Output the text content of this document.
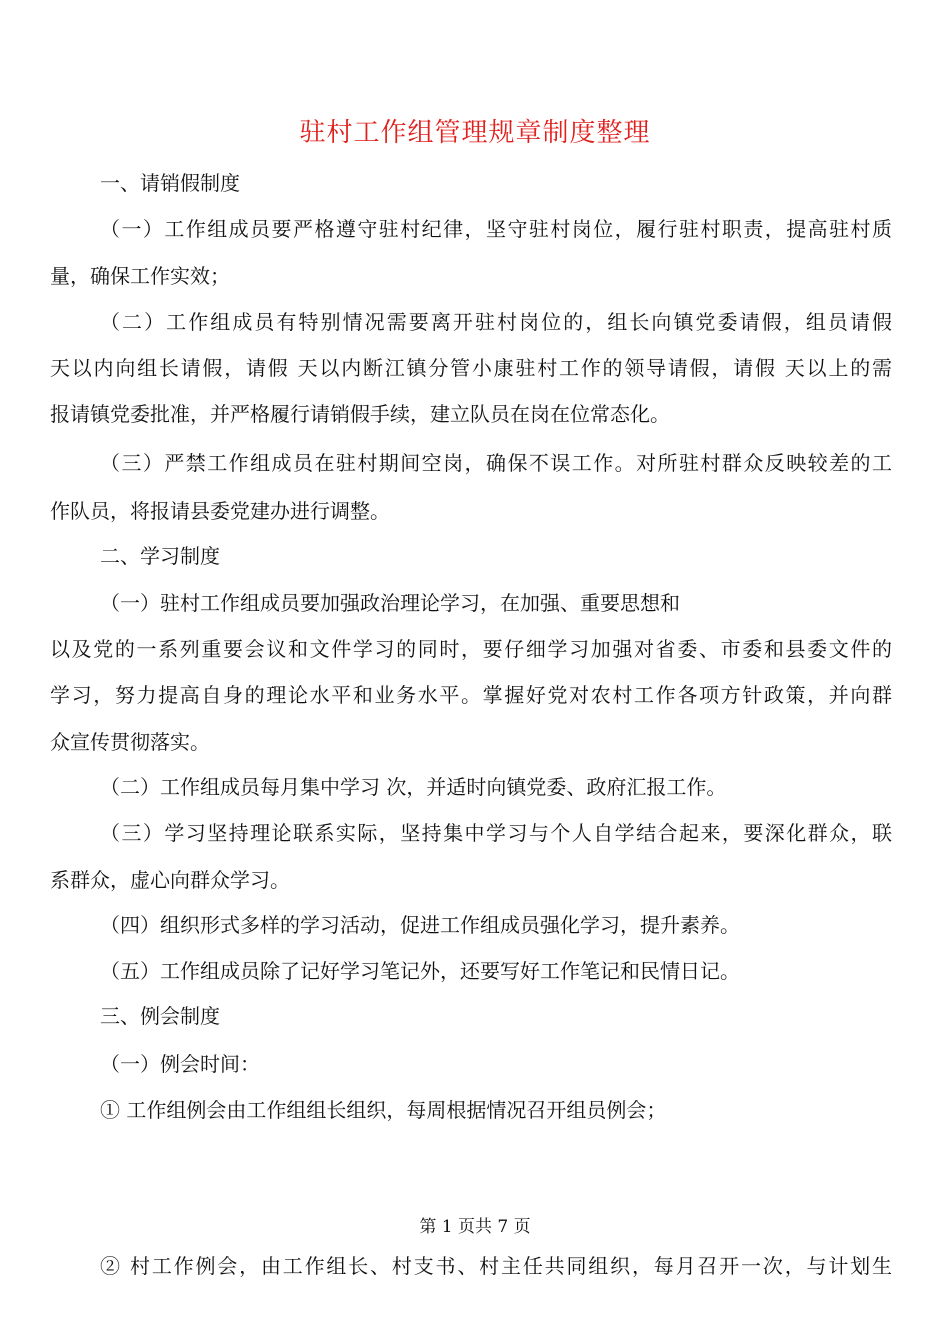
驻村工作组管理规章制度整理
一、请销假制度
（一）工作组成员要严格遵守驻村纪律，坚守驻村岗位，履行驻村职责，提高驻村质
量，确保工作实效；
（二）工作组成员有特别情况需要离开驻村岗位的，组长向镇党委请假，组员请假
天以内向组长请假，请假 天以内断江镇分管小康驻村工作的领导请假，请假 天以上的需
报请镇党委批准，并严格履行请销假手续，建立队员在岗在位常态化。
（三）严禁工作组成员在驻村期间空岗，确保不误工作。对所驻村群众反映较差的工
作队员，将报请县委党建办进行调整。
二、学习制度
（一）驻村工作组成员要加强政治理论学习，在加强、重要思想和
以及党的一系列重要会议和文件学习的同时，要仔细学习加强对省委、市委和县委文件的
学习，努力提高自身的理论水平和业务水平。掌握好党对农村工作各项方针政策，并向群
众宣传贯彻落实。
（二）工作组成员每月集中学习 次，并适时向镇党委、政府汇报工作。
（三）学习坚持理论联系实际，坚持集中学习与个人自学结合起来，要深化群众，联
系群众，虚心向群众学习。
（四）组织形式多样的学习活动，促进工作组成员强化学习，提升素养。
（五）工作组成员除了记好学习笔记外，还要写好工作笔记和民情日记。
三、例会制度
（一）例会时间：
① 工作组例会由工作组组长组织，每周根据情况召开组员例会；
第 1 页共 7 页
② 村工作例会，由工作组长、村支书、村主任共同组织，每月召开一次，与计划生
